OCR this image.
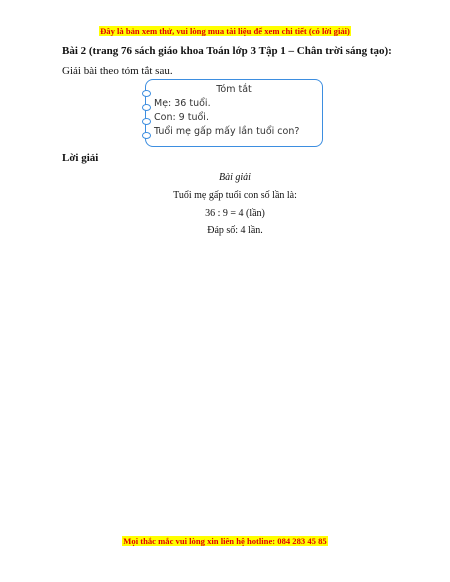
Đây là bản xem thử, vui lòng mua tài liệu để xem chi tiết (có lời giải)
Bài 2 (trang 76 sách giáo khoa Toán lớp 3 Tập 1 – Chân trời sáng tạo): Giải bài theo tóm tắt sau.
Tóm tắt
Mẹ: 36 tuổi.
Con: 9 tuổi.
Tuổi mẹ gấp mấy lần tuổi con?
Lời giải
Bài giải
Tuổi mẹ gấp tuổi con số lần là:
36 : 9 = 4 (lần)
Đáp số: 4 lần.
Mọi thắc mắc vui lòng xin liên hệ hotline: 084 283 45 85
